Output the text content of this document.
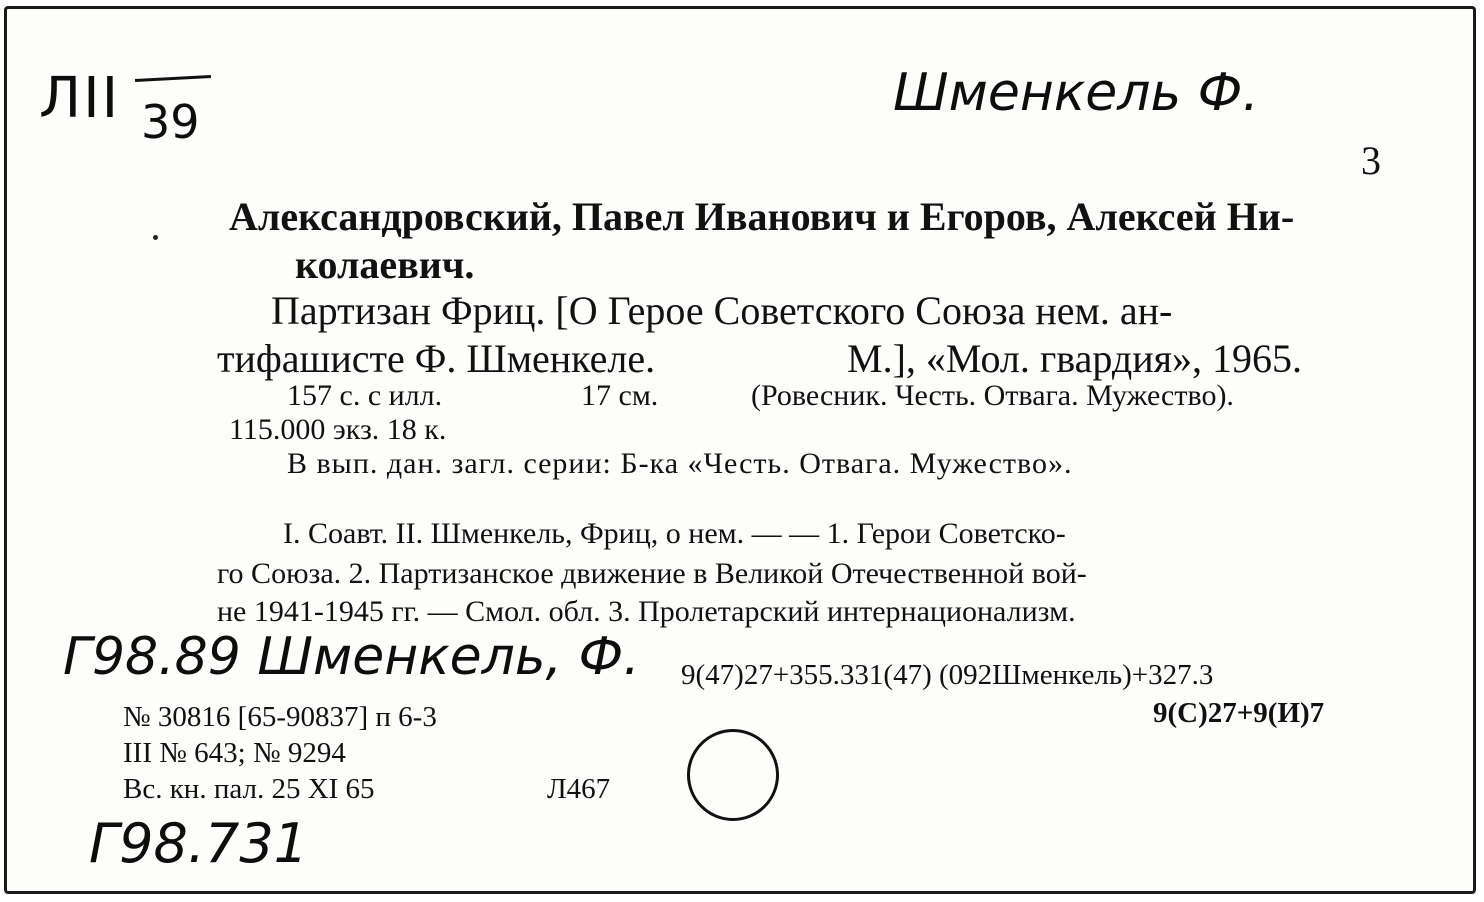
ЛII 39	Шменкель Ф.
3
Александровский, Павел Иванович и Егоров, Алексей Ни-
колаевич.
Партизан Фриц. [О Герое Советского Союза нем. ан-
тифашисте Ф. Шменкеле.	М.], «Мол. гвардия», 1965.
157 с. с илл.	17 см.	(Ровесник. Честь. Отвага. Мужество).
115.000 экз. 18 к.
В вып. дан. загл. серии: Б-ка «Честь. Отвага. Мужество».
I. Соавт. II. Шменкель, Фриц, о нем. — — 1. Герои Советско-
го Союза. 2. Партизанское движение в Великой Отечественной вой-
не 1941-1945 гг. — Смол. обл. 3. Пролетарский интернационализм.
Г98.89 Шменкель, Ф. 9(47)27+355.331(47) (092Шменкель)+327.3
№ 30816 [65-90837] п 6-3	9(С)27+9(И)7
III № 643; № 9294
Вс. кн. пал. 25 XI 65	Л467
Г98.731
